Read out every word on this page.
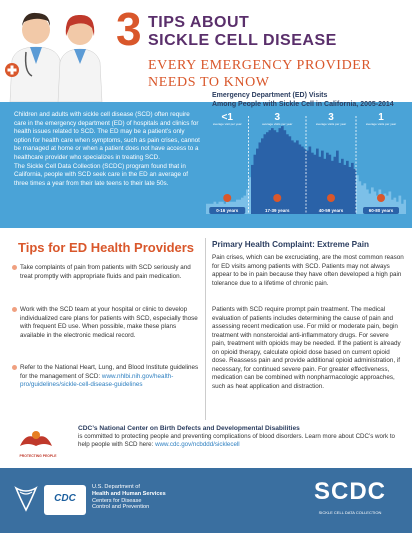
3 TIPS ABOUT
SICKLE CELL DISEASE
EVERY EMERGENCY PROVIDER
NEEDS TO KNOW

Children and adults with sickle cell disease (SCD) often require care in the emergency department (ED) of hospitals and clinics for health issues related to SCD. The ED may be a patient’s only option for health care when symptoms, such as pain crises, cannot be managed at home or when a patient does not have access to a healthcare provider who specializes in treating SCD.

The Sickle Cell Data Collection (SCDC) program found that in California, people with SCD seek care in the ED an average of three times a year from their late teens to their late 50s.

Emergency Department (ED) Visits
Among People with Sickle Cell in California, 2005-2014
<1
average visit per year
0-16 years
3
average visits per year
17-39 years
3
average visits per year
40-59 years
1
average visits per year
60-80 years
Tips for ED Health Providers
Take complaints of pain from patients with SCD seriously and treat promptly with appropriate fluids and pain medication.
Work with the SCD team at your hospital or clinic to develop individualized care plans for patients with SCD, especially those with frequent ED use. When possible, make these plans available in the electronic medical record.
Refer to the National Heart, Lung, and Blood Institute guidelines for the management of SCD: www.nhlbi.nih.gov/health-pro/guidelines/sickle-cell-disease-guidelines
Primary Health Complaint: Extreme Pain
Pain crises, which can be excruciating, are the most common reason for ED visits among patients with SCD. Patients may not always appear to be in pain because they have often developed a high pain tolerance due to a lifetime of chronic pain.
Patients with SCD require prompt pain treatment. The medical evaluation of patients includes determining the cause of pain and assessing recent medication use. For mild or moderate pain, begin treatment with nonsteroidal anti-inflammatory drugs. For severe pain, treatment with opioids may be needed. If the patient is already on opioid therapy, calculate opioid dose based on current opioid dose. Reassess pain and provide additional opioid administration, if necessary, for continued severe pain. For greater effectiveness, medication can be combined with nonpharmacologic approaches, such as heat application and distraction.
PROTECTING PEOPLE
CDC’s National Center on Birth Defects and Developmental Disabilities
is committed to protecting people and preventing complications of blood disorders. Learn more about CDC’s work to help people with SCD here: www.cdc.gov/ncbddd/sicklecell
CDC
U.S. Department of
Health and Human Services
Centers for Disease
Control and Prevention
SCDC
SICKLE CELL DATA COLLECTION
